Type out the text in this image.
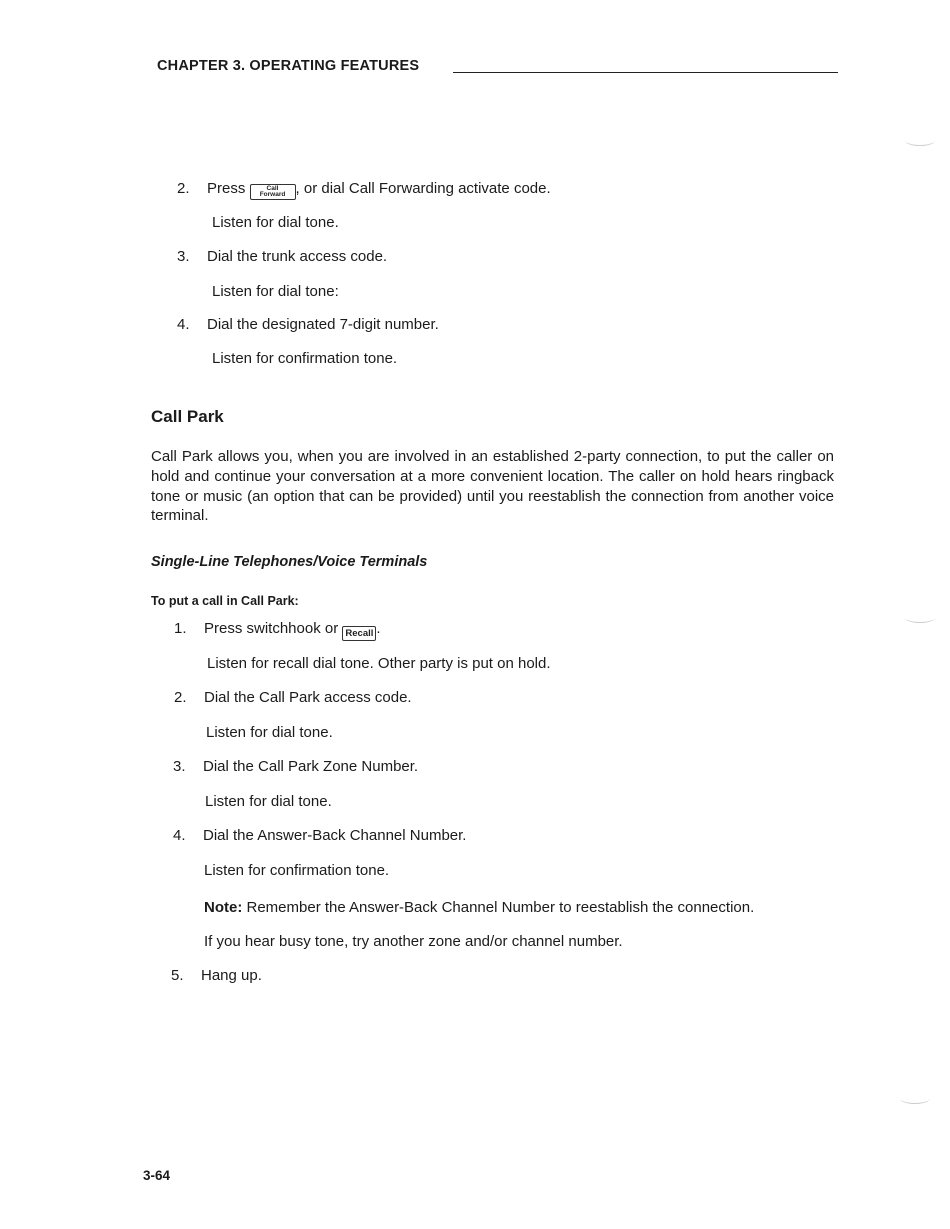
CHAPTER 3. OPERATING FEATURES
2. Press	Call
Forward , or dial Call Forwarding activate code.
Listen for dial tone.
3. Dial the trunk access code.
Listen for dial tone:
4. Dial the designated 7-digit number.
Listen for confirmation tone.
Call Park
Call Park allows you, when you are involved in an established 2-party connection, to put the caller on hold and continue your conversation at a more convenient location. The caller on hold hears ringback tone or music (an option that can be provided) until you reestablish the connection from another voice terminal.
Single-Line Telephones/Voice Terminals
To put a call in Call Park:
1. Press switchhook or Recall .
Listen for recall dial tone. Other party is put on hold.
2. Dial the Call Park access code.
Listen for dial tone.
3. Dial the Call Park Zone Number.
Listen for dial tone.
4. Dial the Answer-Back Channel Number.
Listen for confirmation tone.
Note: Remember the Answer-Back Channel Number to reestablish the connection.
If you hear busy tone, try another zone and/or channel number.
5. Hang up.
3-64
